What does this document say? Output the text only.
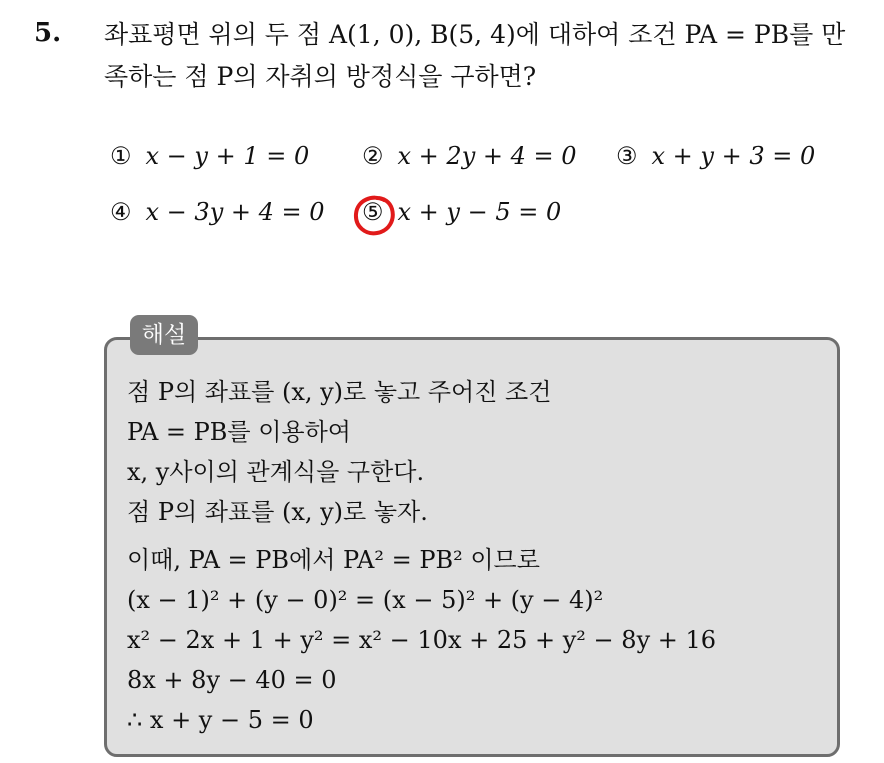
5. 좌표평면 위의 두 점 A(1, 0), B(5, 4)에 대하여 조건 PA = PB를 만
족하는 점 P의 자취의 방정식을 구하면?
① x − y + 1 = 0 ② x + 2y + 4 = 0 ③ x + y + 3 = 0
④ x − 3y + 4 = 0 ⑤ x + y − 5 = 0
해설
점 P의 좌표를 (x, y)로 놓고 주어진 조건
PA = PB를 이용하여
x, y사이의 관계식을 구한다.
점 P의 좌표를 (x, y)로 놓자.
이때, PA = PB에서 PA² = PB² 이므로
(x − 1)² + (y − 0)² = (x − 5)² + (y − 4)²
x² − 2x + 1 + y² = x² − 10x + 25 + y² − 8y + 16
8x + 8y − 40 = 0
∴ x + y − 5 = 0
